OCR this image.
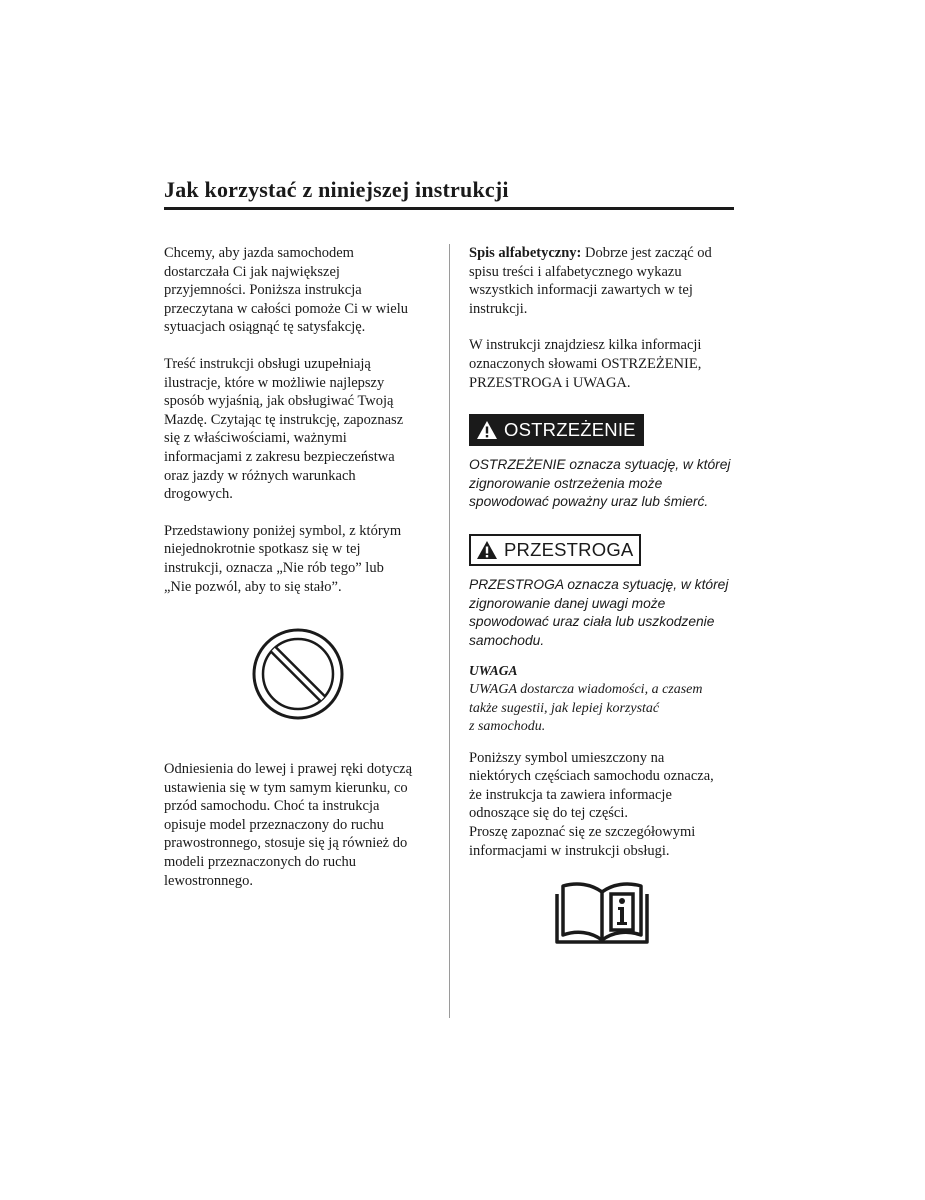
Jak korzystać z niniejszej instrukcji

Chcemy, aby jazda samochodem
dostarczała Ci jak największej
przyjemności. Poniższa instrukcja
przeczytana w całości pomoże Ci w wielu
sytuacjach osiągnąć tę satysfakcję.

Treść instrukcji obsługi uzupełniają
ilustracje, które w możliwie najlepszy
sposób wyjaśnią, jak obsługiwać Twoją
Mazdę. Czytając tę instrukcję, zapoznasz
się z właściwościami, ważnymi
informacjami z zakresu bezpieczeństwa
oraz jazdy w różnych warunkach
drogowych.

Przedstawiony poniżej symbol, z którym
niejednokrotnie spotkasz się w tej
instrukcji, oznacza „Nie rób tego” lub
„Nie pozwól, aby to się stało”.

Odniesienia do lewej i prawej ręki dotyczą
ustawienia się w tym samym kierunku, co
przód samochodu. Choć ta instrukcja
opisuje model przeznaczony do ruchu
prawostronnego, stosuje się ją również do
modeli przeznaczonych do ruchu
lewostronnego.

Spis alfabetyczny: Dobrze jest zacząć od
spisu treści i alfabetycznego wykazu
wszystkich informacji zawartych w tej
instrukcji.

W instrukcji znajdziesz kilka informacji
oznaczonych słowami OSTRZEŻENIE,
PRZESTROGA i UWAGA.

OSTRZEŻENIE

OSTRZEŻENIE oznacza sytuację, w której
zignorowanie ostrzeżenia może
spowodować poważny uraz lub śmierć.

PRZESTROGA

PRZESTROGA oznacza sytuację, w której
zignorowanie danej uwagi może
spowodować uraz ciała lub uszkodzenie
samochodu.

UWAGA

UWAGA dostarcza wiadomości, a czasem
także sugestii, jak lepiej korzystać
z samochodu.

Poniższy symbol umieszczony na
niektórych częściach samochodu oznacza,
że instrukcja ta zawiera informacje
odnoszące się do tej części.
Proszę zapoznać się ze szczegółowymi
informacjami w instrukcji obsługi.
